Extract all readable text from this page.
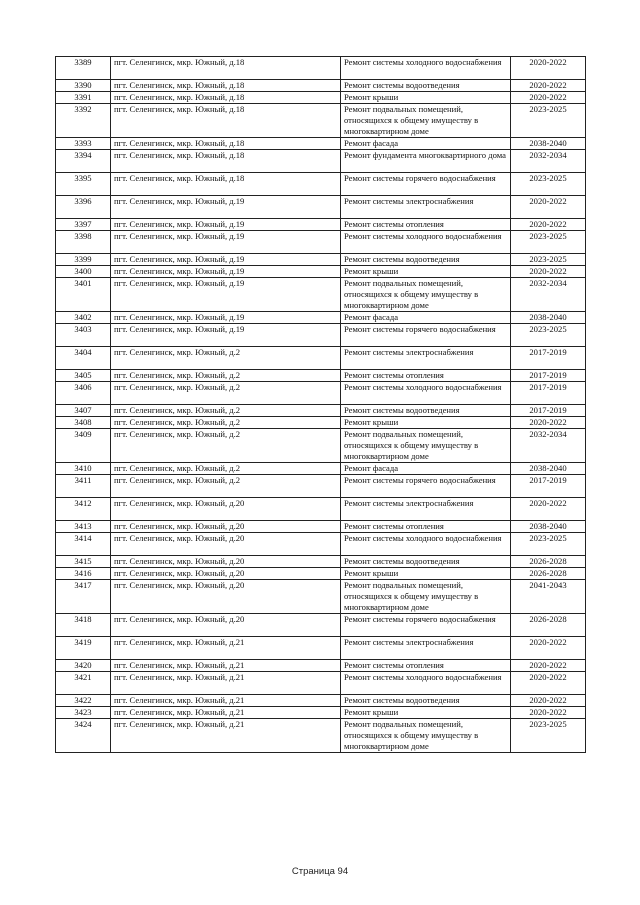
3389	пгт. Селенгинск, мкр. Южный, д.18	Ремонт системы холодного водоснабжения	2020-2022
3390	пгт. Селенгинск, мкр. Южный, д.18	Ремонт системы водоотведения	2020-2022
3391	пгт. Селенгинск, мкр. Южный, д.18	Ремонт крыши	2020-2022
3392	пгт. Селенгинск, мкр. Южный, д.18	Ремонт подвальных помещений, относящихся к общему имуществу в многоквартирном доме	2023-2025
3393	пгт. Селенгинск, мкр. Южный, д.18	Ремонт фасада	2038-2040
3394	пгт. Селенгинск, мкр. Южный, д.18	Ремонт фундамента многоквартирного дома	2032-2034
3395	пгт. Селенгинск, мкр. Южный, д.18	Ремонт системы горячего водоснабжения	2023-2025
3396	пгт. Селенгинск, мкр. Южный, д.19	Ремонт системы электроснабжения	2020-2022
3397	пгт. Селенгинск, мкр. Южный, д.19	Ремонт системы отопления	2020-2022
3398	пгт. Селенгинск, мкр. Южный, д.19	Ремонт системы холодного водоснабжения	2023-2025
3399	пгт. Селенгинск, мкр. Южный, д.19	Ремонт системы водоотведения	2023-2025
3400	пгт. Селенгинск, мкр. Южный, д.19	Ремонт крыши	2020-2022
3401	пгт. Селенгинск, мкр. Южный, д.19	Ремонт подвальных помещений, относящихся к общему имуществу в многоквартирном доме	2032-2034
3402	пгт. Селенгинск, мкр. Южный, д.19	Ремонт фасада	2038-2040
3403	пгт. Селенгинск, мкр. Южный, д.19	Ремонт системы горячего водоснабжения	2023-2025
3404	пгт. Селенгинск, мкр. Южный, д.2	Ремонт системы электроснабжения	2017-2019
3405	пгт. Селенгинск, мкр. Южный, д.2	Ремонт системы отопления	2017-2019
3406	пгт. Селенгинск, мкр. Южный, д.2	Ремонт системы холодного водоснабжения	2017-2019
3407	пгт. Селенгинск, мкр. Южный, д.2	Ремонт системы водоотведения	2017-2019
3408	пгт. Селенгинск, мкр. Южный, д.2	Ремонт крыши	2020-2022
3409	пгт. Селенгинск, мкр. Южный, д.2	Ремонт подвальных помещений, относящихся к общему имуществу в многоквартирном доме	2032-2034
3410	пгт. Селенгинск, мкр. Южный, д.2	Ремонт фасада	2038-2040
3411	пгт. Селенгинск, мкр. Южный, д.2	Ремонт системы горячего водоснабжения	2017-2019
3412	пгт. Селенгинск, мкр. Южный, д.20	Ремонт системы электроснабжения	2020-2022
3413	пгт. Селенгинск, мкр. Южный, д.20	Ремонт системы отопления	2038-2040
3414	пгт. Селенгинск, мкр. Южный, д.20	Ремонт системы холодного водоснабжения	2023-2025
3415	пгт. Селенгинск, мкр. Южный, д.20	Ремонт системы водоотведения	2026-2028
3416	пгт. Селенгинск, мкр. Южный, д.20	Ремонт крыши	2026-2028
3417	пгт. Селенгинск, мкр. Южный, д.20	Ремонт подвальных помещений, относящихся к общему имуществу в многоквартирном доме	2041-2043
3418	пгт. Селенгинск, мкр. Южный, д.20	Ремонт системы горячего водоснабжения	2026-2028
3419	пгт. Селенгинск, мкр. Южный, д.21	Ремонт системы электроснабжения	2020-2022
3420	пгт. Селенгинск, мкр. Южный, д.21	Ремонт системы отопления	2020-2022
3421	пгт. Селенгинск, мкр. Южный, д.21	Ремонт системы холодного водоснабжения	2020-2022
3422	пгт. Селенгинск, мкр. Южный, д.21	Ремонт системы водоотведения	2020-2022
3423	пгт. Селенгинск, мкр. Южный, д.21	Ремонт крыши	2020-2022
3424	пгт. Селенгинск, мкр. Южный, д.21	Ремонт подвальных помещений, относящихся к общему имуществу в многоквартирном доме	2023-2025
Страница 94
